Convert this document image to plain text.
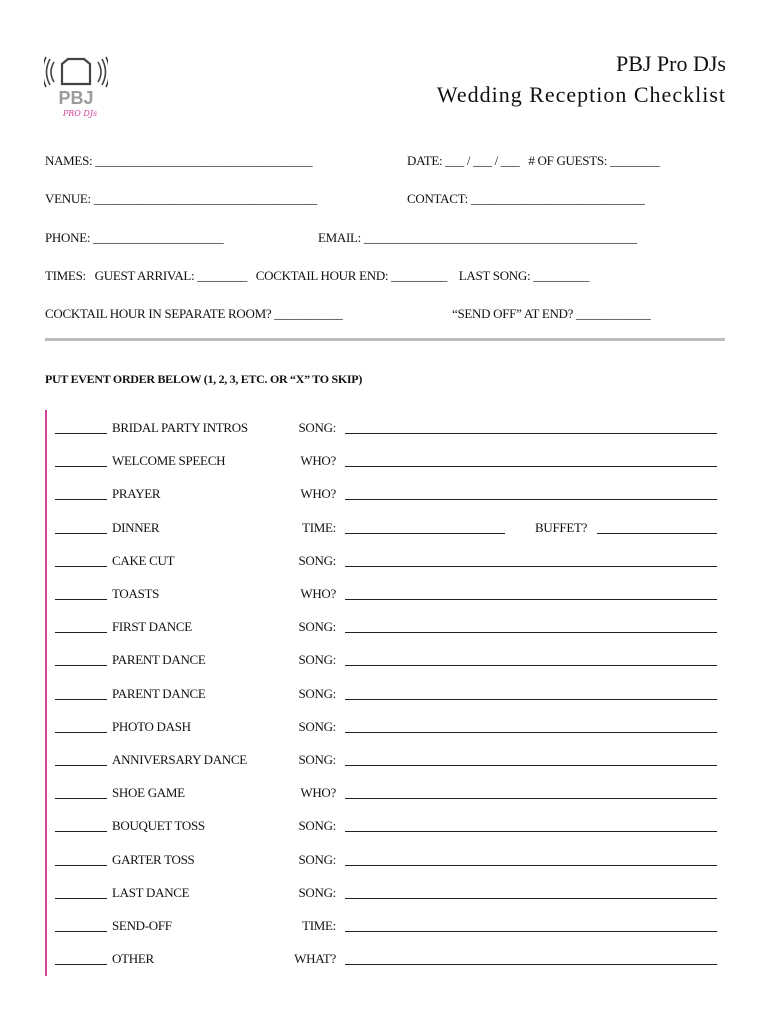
PBJ
PRO DJs
PBJ Pro DJs
Wedding Reception Checklist
NAMES: ___________________________________	DATE: ___ / ___ / ___   # OF GUESTS: ________
VENUE: ____________________________________	CONTACT: ____________________________
PHONE: _____________________	EMAIL: ____________________________________________
TIMES:   GUEST ARRIVAL: ________   COCKTAIL HOUR END: _________    LAST SONG: _________
COCKTAIL HOUR IN SEPARATE ROOM? ___________	“SEND OFF” AT END? ____________
PUT EVENT ORDER BELOW (1, 2, 3, ETC. OR “X” TO SKIP)
BRIDAL PARTY INTROS	SONG:
WELCOME SPEECH	WHO?
PRAYER	WHO?
DINNER	TIME:	BUFFET?
CAKE CUT	SONG:
TOASTS	WHO?
FIRST DANCE	SONG:
PARENT DANCE	SONG:
PARENT DANCE	SONG:
PHOTO DASH	SONG:
ANNIVERSARY DANCE	SONG:
SHOE GAME	WHO?
BOUQUET TOSS	SONG:
GARTER TOSS	SONG:
LAST DANCE	SONG:
SEND-OFF	TIME:
OTHER	WHAT?
